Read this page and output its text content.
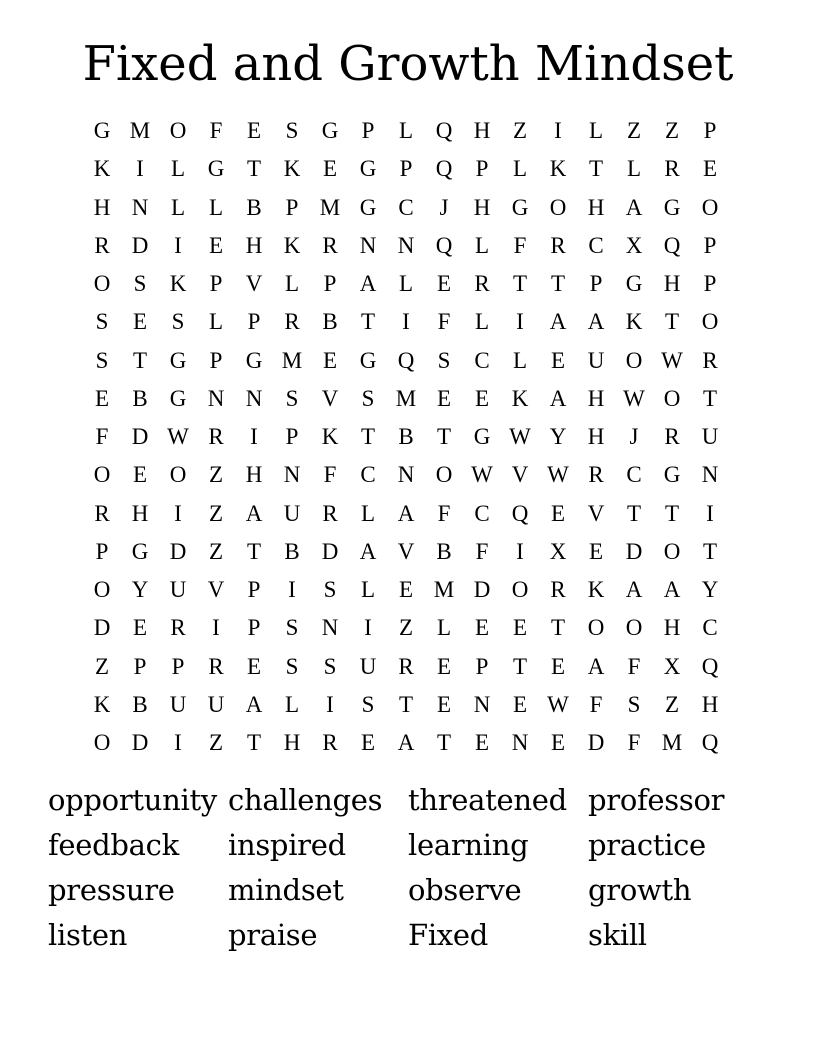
Fixed and Growth Mindset
G M O	F	E	S	G	P	L Q H Z	I	L	Z	Z	P
K	I	L G T K E G	P	Q	P	L K T	L	R	E
H N L	L	B	P M G C	J	H G O H A G O
R D	I	E H K R N N Q L	F	R C X Q	P
O	S	K	P	V L	P	A L	E	R	T	T	P	G H	P
S	E	S	L	P	R B	T	I	F	L	I	A A K T O
S	T G	P	G M E G Q	S	C	L	E U O W R
E	B G N N	S	V	S M E	E K A H W O T
F	D W R	I	P	K T	B	T G W Y H	J	R U
O E O Z H N	F	C N O W V W R C G N
R H	I	Z A U R	L A	F	C Q E V T	T	I
P	G D Z	T	B D A V B	F	I	X E D O T
O Y U V	P	I	S	L	E M D O R K A A Y
D E	R	I	P	S	N	I	Z	L	E	E	T O O H C
Z	P	P	R	E	S	S	U R	E	P	T	E A	F	X Q
K B U U A L	I	S	T	E N E W F	S	Z H
O D	I	Z	T H R	E A T	E N E D	F M Q
opportunity challenges threatened professor
feedback	inspired	learning	practice
pressure	mindset	observe	growth
listen	praise	Fixed	skill
